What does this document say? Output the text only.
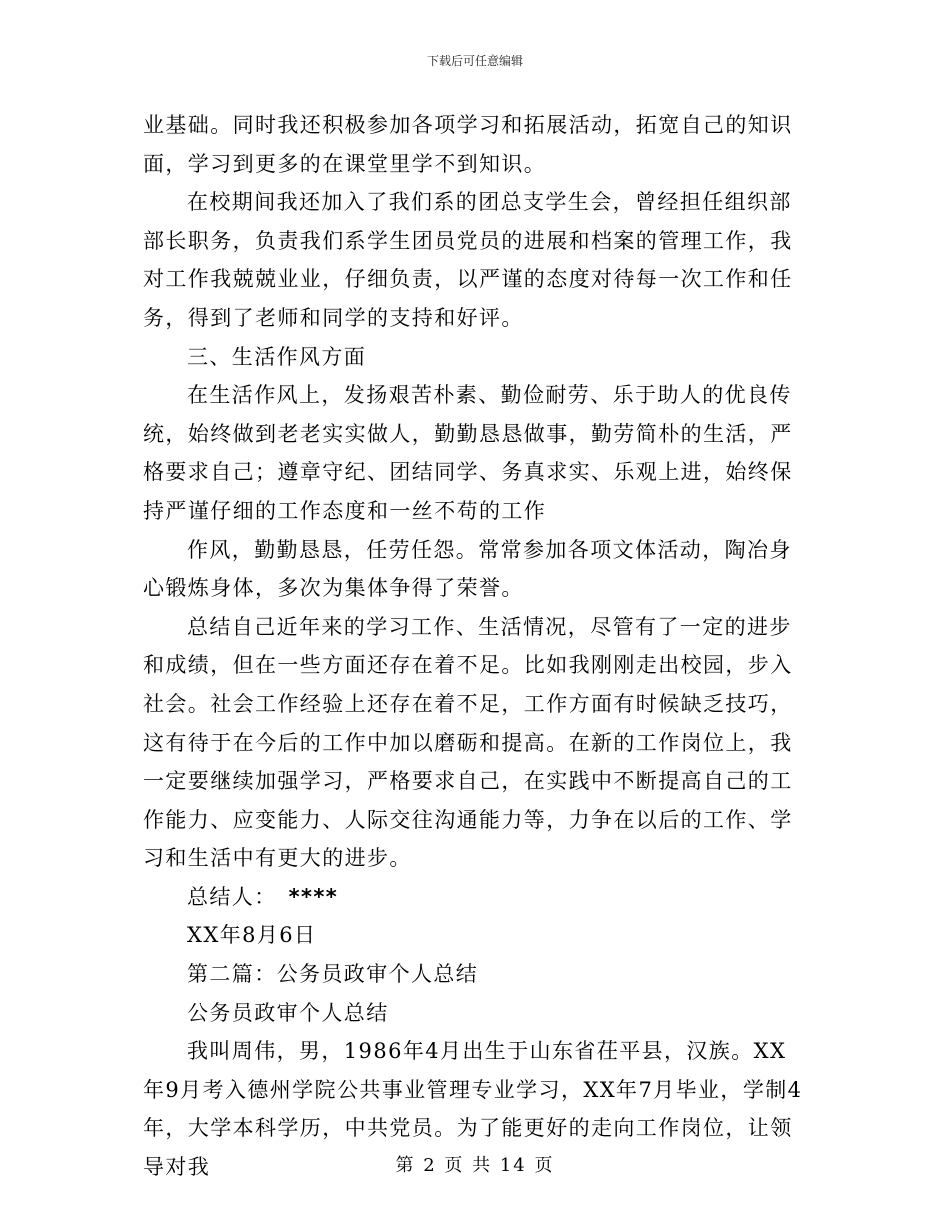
下载后可任意编辑

业基础。同时我还积极参加各项学习和拓展活动，拓宽自己的知识面，学习到更多的在课堂里学不到知识。

在校期间我还加入了我们系的团总支学生会，曾经担任组织部部长职务，负责我们系学生团员党员的进展和档案的管理工作，我对工作我兢兢业业，仔细负责，以严谨的态度对待每一次工作和任务，得到了老师和同学的支持和好评。

三、生活作风方面

在生活作风上，发扬艰苦朴素、勤俭耐劳、乐于助人的优良传统，始终做到老老实实做人，勤勤恳恳做事，勤劳简朴的生活，严格要求自己；遵章守纪、团结同学、务真求实、乐观上进，始终保持严谨仔细的工作态度和一丝不苟的工作

作风，勤勤恳恳，任劳任怨。常常参加各项文体活动，陶冶身心锻炼身体，多次为集体争得了荣誉。

总结自己近年来的学习工作、生活情况，尽管有了一定的进步和成绩，但在一些方面还存在着不足。比如我刚刚走出校园，步入社会。社会工作经验上还存在着不足，工作方面有时候缺乏技巧，这有待于在今后的工作中加以磨砺和提高。在新的工作岗位上，我一定要继续加强学习，严格要求自己，在实践中不断提高自己的工作能力、应变能力、人际交往沟通能力等，力争在以后的工作、学习和生活中有更大的进步。

总结人： ****

XX年8月6日

第二篇：公务员政审个人总结

公务员政审个人总结

我叫周伟，男，1986年4月出生于山东省茌平县，汉族。XX年9月考入德州学院公共事业管理专业学习，XX年7月毕业，学制4年，大学本科学历，中共党员。为了能更好的走向工作岗位，让领导对我	第 2 页 共 14 页
